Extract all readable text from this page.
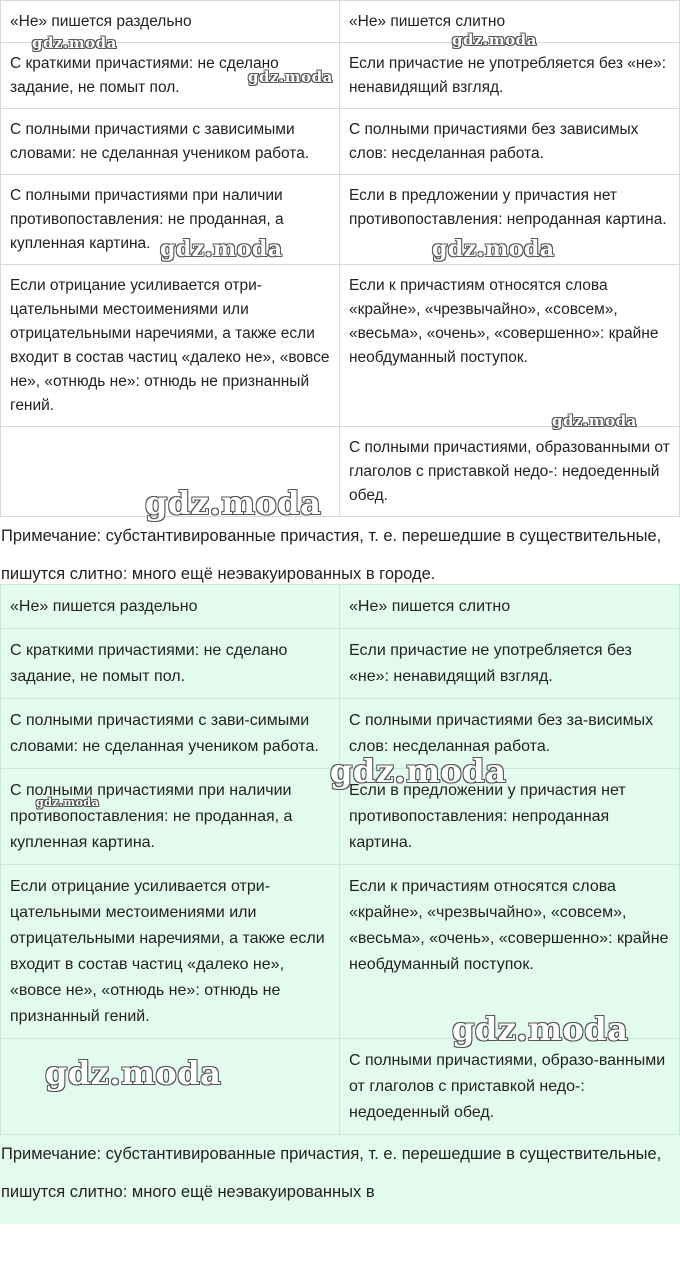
«Не» пишется раздельно	«Не» пишется слитно
С краткими причастиями: не сделано задание, не помыт пол.	Если причастие не употребляется без «не»: ненавидящий взгляд.
С полными причастиями с зависимыми словами: не сделанная учеником работа.	С полными причастиями без зависимых слов: несделанная работа.
С полными причастиями при наличии противопоставления: не проданная, а купленная картина.	Если в предложении у причастия нет противопоставления: непроданная картина.
Если отрицание усиливается отри-цательными местоимениями или отрицательными наречиями, а также если входит в состав частиц «далеко не», «вовсе не», «отнюдь не»: отнюдь не признанный гений.	Если к причастиям относятся слова «крайне», «чрезвычайно», «совсем», «весьма», «очень», «совершенно»: крайне необдуманный поступок.
	С полными причастиями, образованными от глаголов с приставкой недо-: недоеденный обед.
Примечание: субстантивированные причастия, т. е. перешедшие в существительные, пишутся слитно: много ещё неэвакуированных в городе.
«Не» пишется раздельно	«Не» пишется слитно
С краткими причастиями: не сделано задание, не помыт пол.	Если причастие не употребляется без «не»: ненавидящий взгляд.
С полными причастиями с зави-симыми словами: не сделанная учеником работа.	С полными причастиями без за-висимых слов: несделанная работа.
С полными причастиями при наличии противопоставления: не проданная, а купленная картина.	Если в предложении у причастия нет противопоставления: непроданная картина.
Если отрицание усиливается отри-цательными местоимениями или отрицательными наречиями, а также если входит в состав частиц «далеко не», «вовсе не», «отнюдь не»: отнюдь не признанный гений.	Если к причастиям относятся слова «крайне», «чрезвычайно», «совсем», «весьма», «очень», «совершенно»: крайне необдуманный поступок.
	С полными причастиями, образо-ванными от глаголов с приставкой недо-: недоеденный обед.
Примечание: субстантивированные причастия, т. е. перешедшие в существительные, пишутся слитно: много ещё неэвакуированных в
gdz.moda	gdz.moda
gdz.moda
gdz.moda	gdz.moda
gdz.moda
gdz.moda
gdz.moda
gdz.moda
gdz.moda
gdz.moda
